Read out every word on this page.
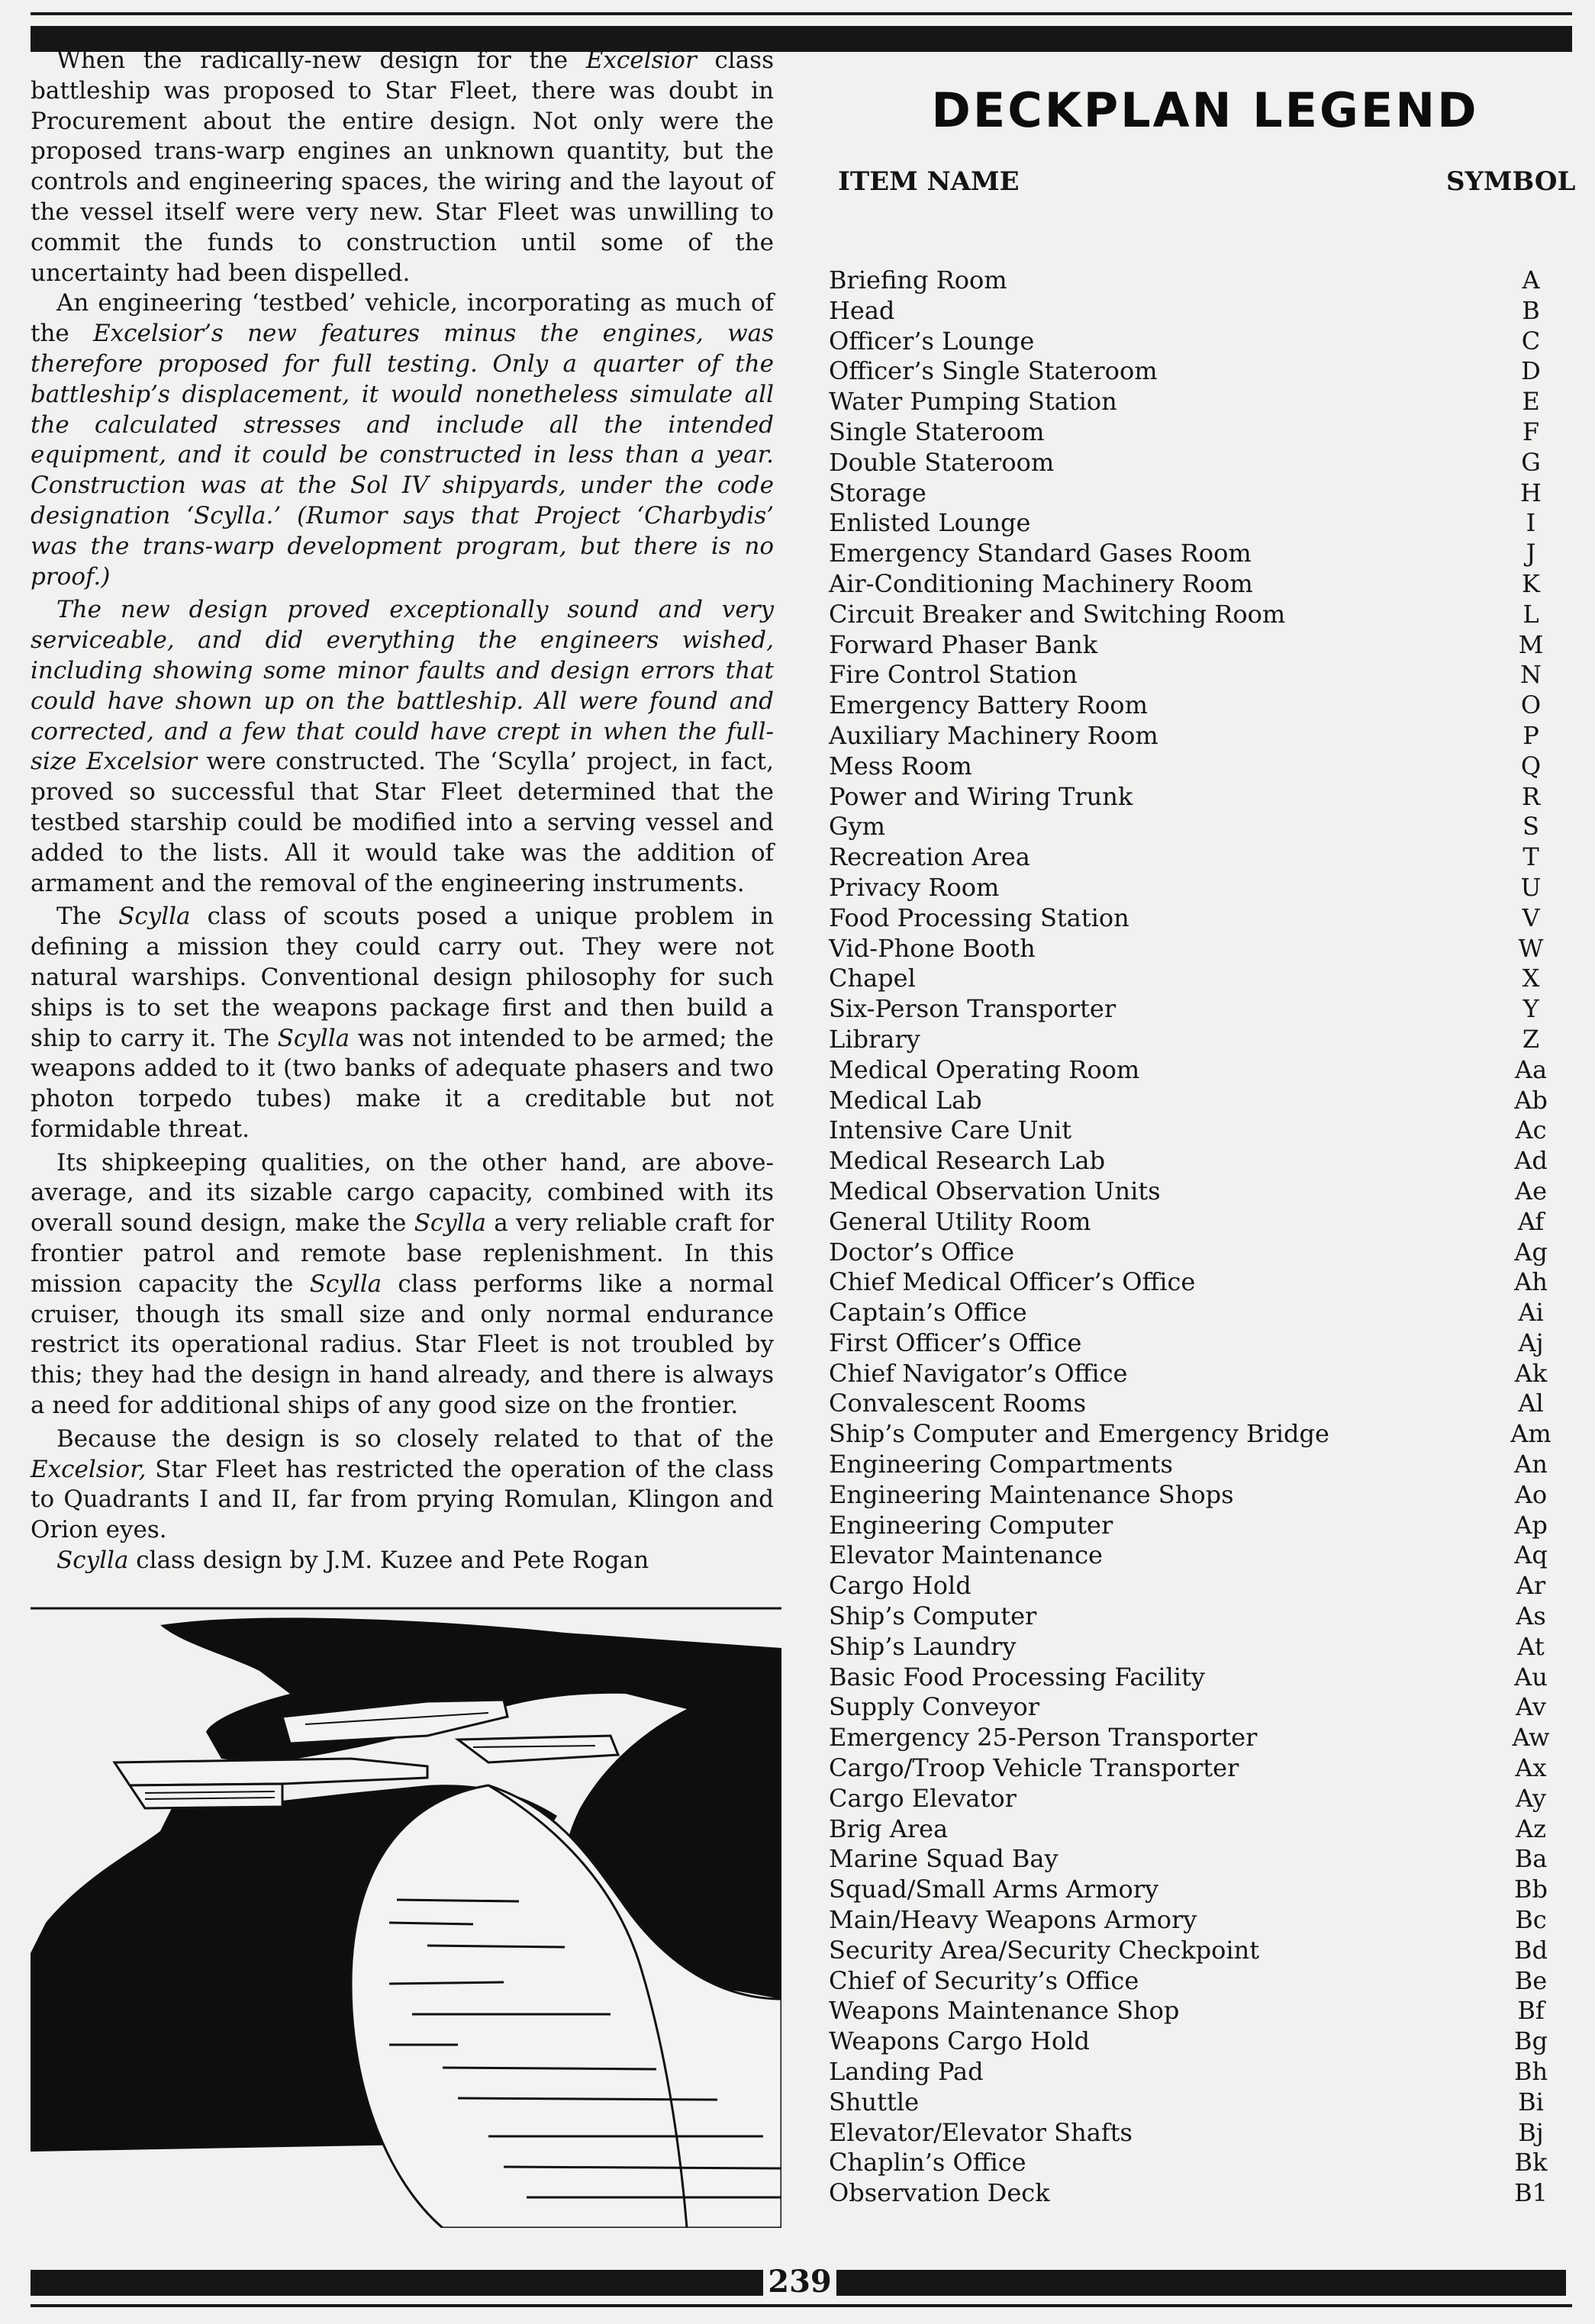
When the radically-new design for the Excelsior class battleship was proposed to Star Fleet, there was doubt in Procurement about the entire design. Not only were the proposed trans-warp engines an unknown quantity, but the controls and engineering spaces, the wiring and the layout of the vessel itself were very new. Star Fleet was unwilling to commit the funds to construction until some of the uncertainty had been dispelled.

An engineering ‘testbed’ vehicle, incorporating as much of the Excelsior’s new features minus the engines, was therefore proposed for full testing. Only a quarter of the battleship’s displacement, it would nonetheless simulate all the calculated stresses and include all the intended equipment, and it could be constructed in less than a year. Construction was at the Sol IV shipyards, under the code designation ‘Scylla.’ (Rumor says that Project ‘Charbydis’ was the trans-warp development program, but there is no proof.)

The new design proved exceptionally sound and very serviceable, and did everything the engineers wished, including showing some minor faults and design errors that could have shown up on the battleship. All were found and corrected, and a few that could have crept in when the full-size Excelsior were constructed. The ‘Scylla’ project, in fact, proved so successful that Star Fleet determined that the testbed starship could be modified into a serving vessel and added to the lists. All it would take was the addition of armament and the removal of the engineering instruments.

The Scylla class of scouts posed a unique problem in defining a mission they could carry out. They were not natural warships. Conventional design philosophy for such ships is to set the weapons package first and then build a ship to carry it. The Scylla was not intended to be armed; the weapons added to it (two banks of adequate phasers and two photon torpedo tubes) make it a creditable but not formidable threat.

Its shipkeeping qualities, on the other hand, are above-average, and its sizable cargo capacity, combined with its overall sound design, make the Scylla a very reliable craft for frontier patrol and remote base replenishment. In this mission capacity the Scylla class performs like a normal cruiser, though its small size and only normal endurance restrict its operational radius. Star Fleet is not troubled by this; they had the design in hand already, and there is always a need for additional ships of any good size on the frontier.

Because the design is so closely related to that of the Excelsior, Star Fleet has restricted the operation of the class to Quadrants I and II, far from prying Romulan, Klingon and Orion eyes.

Scylla class design by J.M. Kuzee and Pete Rogan

DECKPLAN LEGEND
ITEM NAME	SYMBOL
Briefing Room	A
Head	B
Officer’s Lounge	C
Officer’s Single Stateroom	D
Water Pumping Station	E
Single Stateroom	F
Double Stateroom	G
Storage	H
Enlisted Lounge	I
Emergency Standard Gases Room	J
Air-Conditioning Machinery Room	K
Circuit Breaker and Switching Room	L
Forward Phaser Bank	M
Fire Control Station	N
Emergency Battery Room	O
Auxiliary Machinery Room	P
Mess Room	Q
Power and Wiring Trunk	R
Gym	S
Recreation Area	T
Privacy Room	U
Food Processing Station	V
Vid-Phone Booth	W
Chapel	X
Six-Person Transporter	Y
Library	Z
Medical Operating Room	Aa
Medical Lab	Ab
Intensive Care Unit	Ac
Medical Research Lab	Ad
Medical Observation Units	Ae
General Utility Room	Af
Doctor’s Office	Ag
Chief Medical Officer’s Office	Ah
Captain’s Office	Ai
First Officer’s Office	Aj
Chief Navigator’s Office	Ak
Convalescent Rooms	Al
Ship’s Computer and Emergency Bridge	Am
Engineering Compartments	An
Engineering Maintenance Shops	Ao
Engineering Computer	Ap
Elevator Maintenance	Aq
Cargo Hold	Ar
Ship’s Computer	As
Ship’s Laundry	At
Basic Food Processing Facility	Au
Supply Conveyor	Av
Emergency 25-Person Transporter	Aw
Cargo/Troop Vehicle Transporter	Ax
Cargo Elevator	Ay
Brig Area	Az
Marine Squad Bay	Ba
Squad/Small Arms Armory	Bb
Main/Heavy Weapons Armory	Bc
Security Area/Security Checkpoint	Bd
Chief of Security’s Office	Be
Weapons Maintenance Shop	Bf
Weapons Cargo Hold	Bg
Landing Pad	Bh
Shuttle	Bi
Elevator/Elevator Shafts	Bj
Chaplin’s Office	Bk
Observation Deck	B1
239
